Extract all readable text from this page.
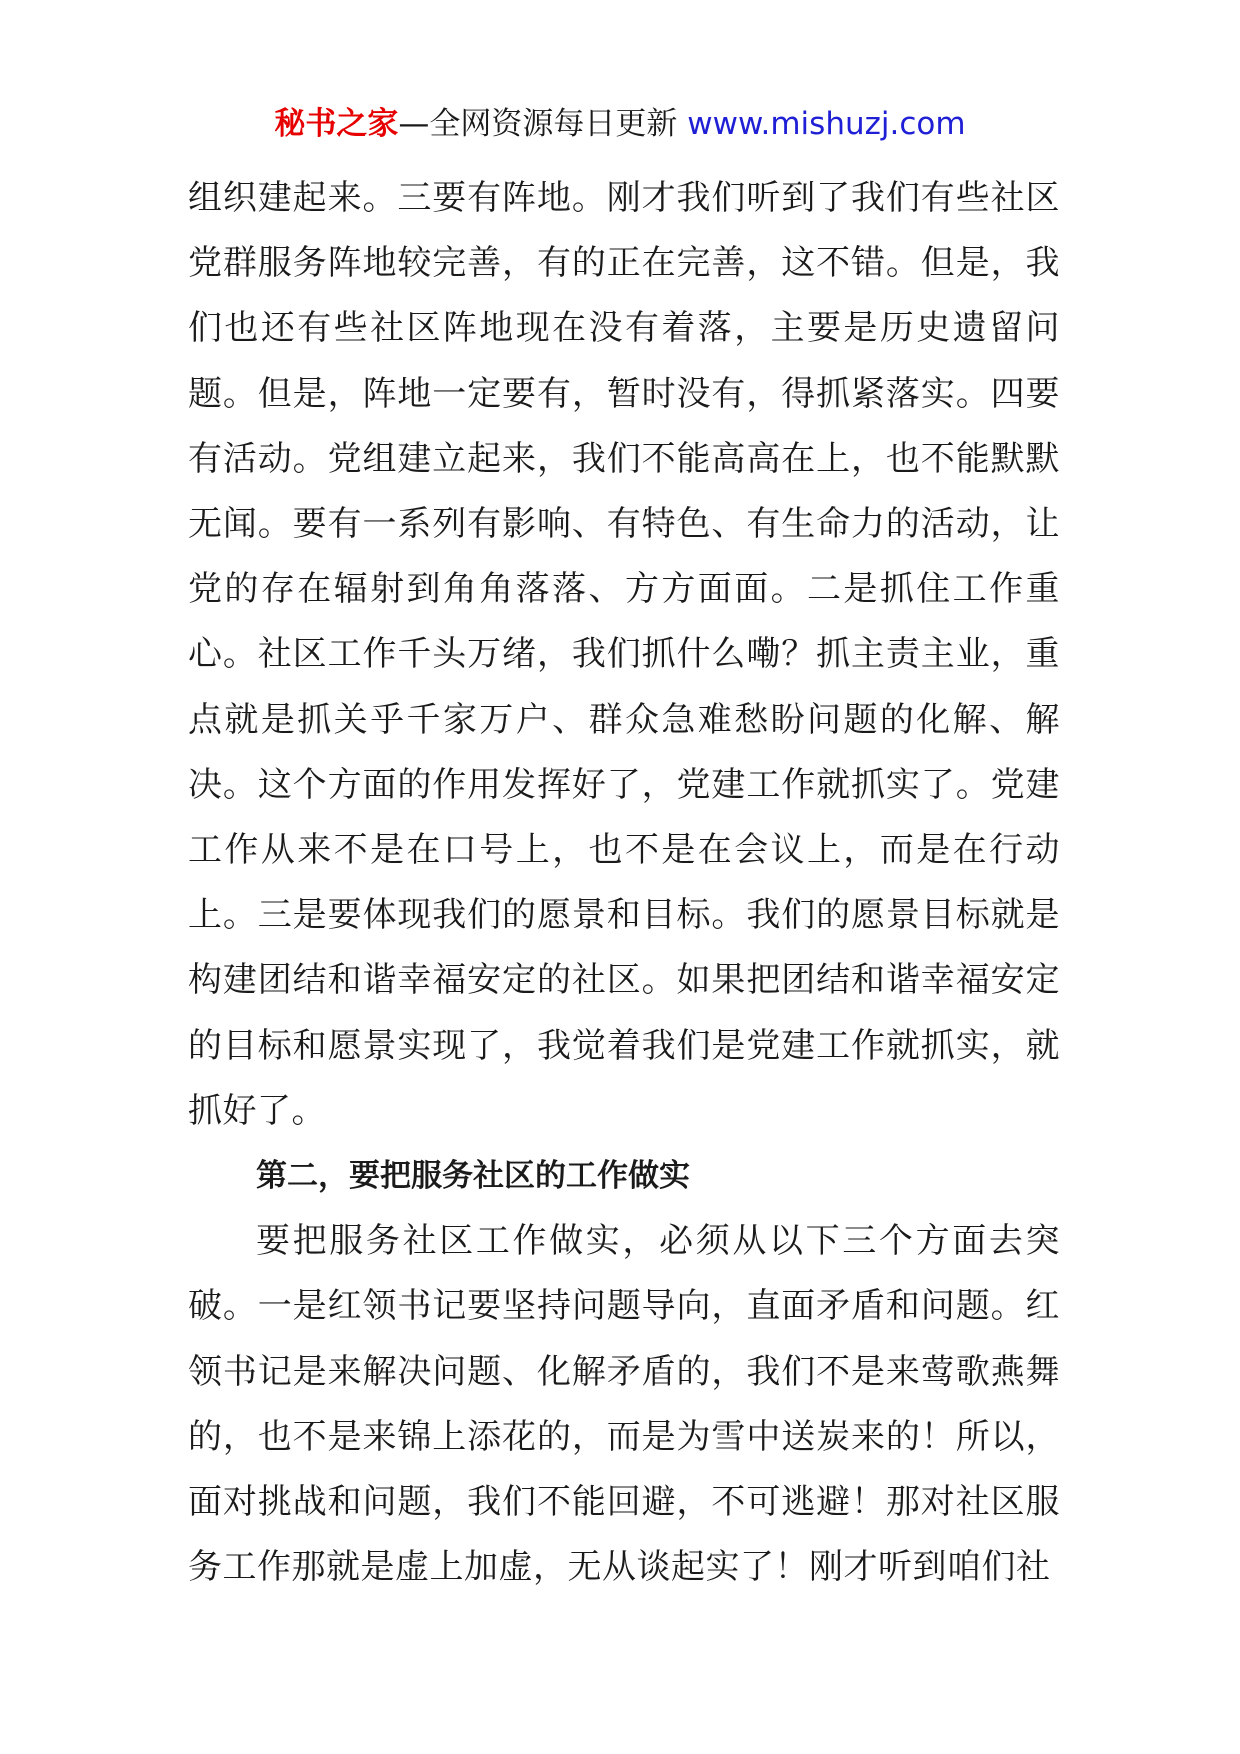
秘书之家—全网资源每日更新 www.mishuzj.com

组织建起来。三要有阵地。刚才我们听到了我们有些社区党群服务阵地较完善，有的正在完善，这不错。但是，我们也还有些社区阵地现在没有着落，主要是历史遗留问题。但是，阵地一定要有，暂时没有，得抓紧落实。四要有活动。党组建立起来，我们不能高高在上，也不能默默无闻。要有一系列有影响、有特色、有生命力的活动，让党的存在辐射到角角落落、方方面面。二是抓住工作重心。社区工作千头万绪，我们抓什么嘞？抓主责主业，重点就是抓关乎千家万户、群众急难愁盼问题的化解、解决。这个方面的作用发挥好了，党建工作就抓实了。党建工作从来不是在口号上，也不是在会议上，而是在行动上。三是要体现我们的愿景和目标。我们的愿景目标就是构建团结和谐幸福安定的社区。如果把团结和谐幸福安定的目标和愿景实现了，我觉着我们是党建工作就抓实，就抓好了。

第二，要把服务社区的工作做实

要把服务社区工作做实，必须从以下三个方面去突破。一是红领书记要坚持问题导向，直面矛盾和问题。红领书记是来解决问题、化解矛盾的，我们不是来莺歌燕舞的，也不是来锦上添花的，而是为雪中送炭来的！所以，面对挑战和问题，我们不能回避，不可逃避！那对社区服务工作那就是虚上加虚，无从谈起实了！刚才听到咱们社
